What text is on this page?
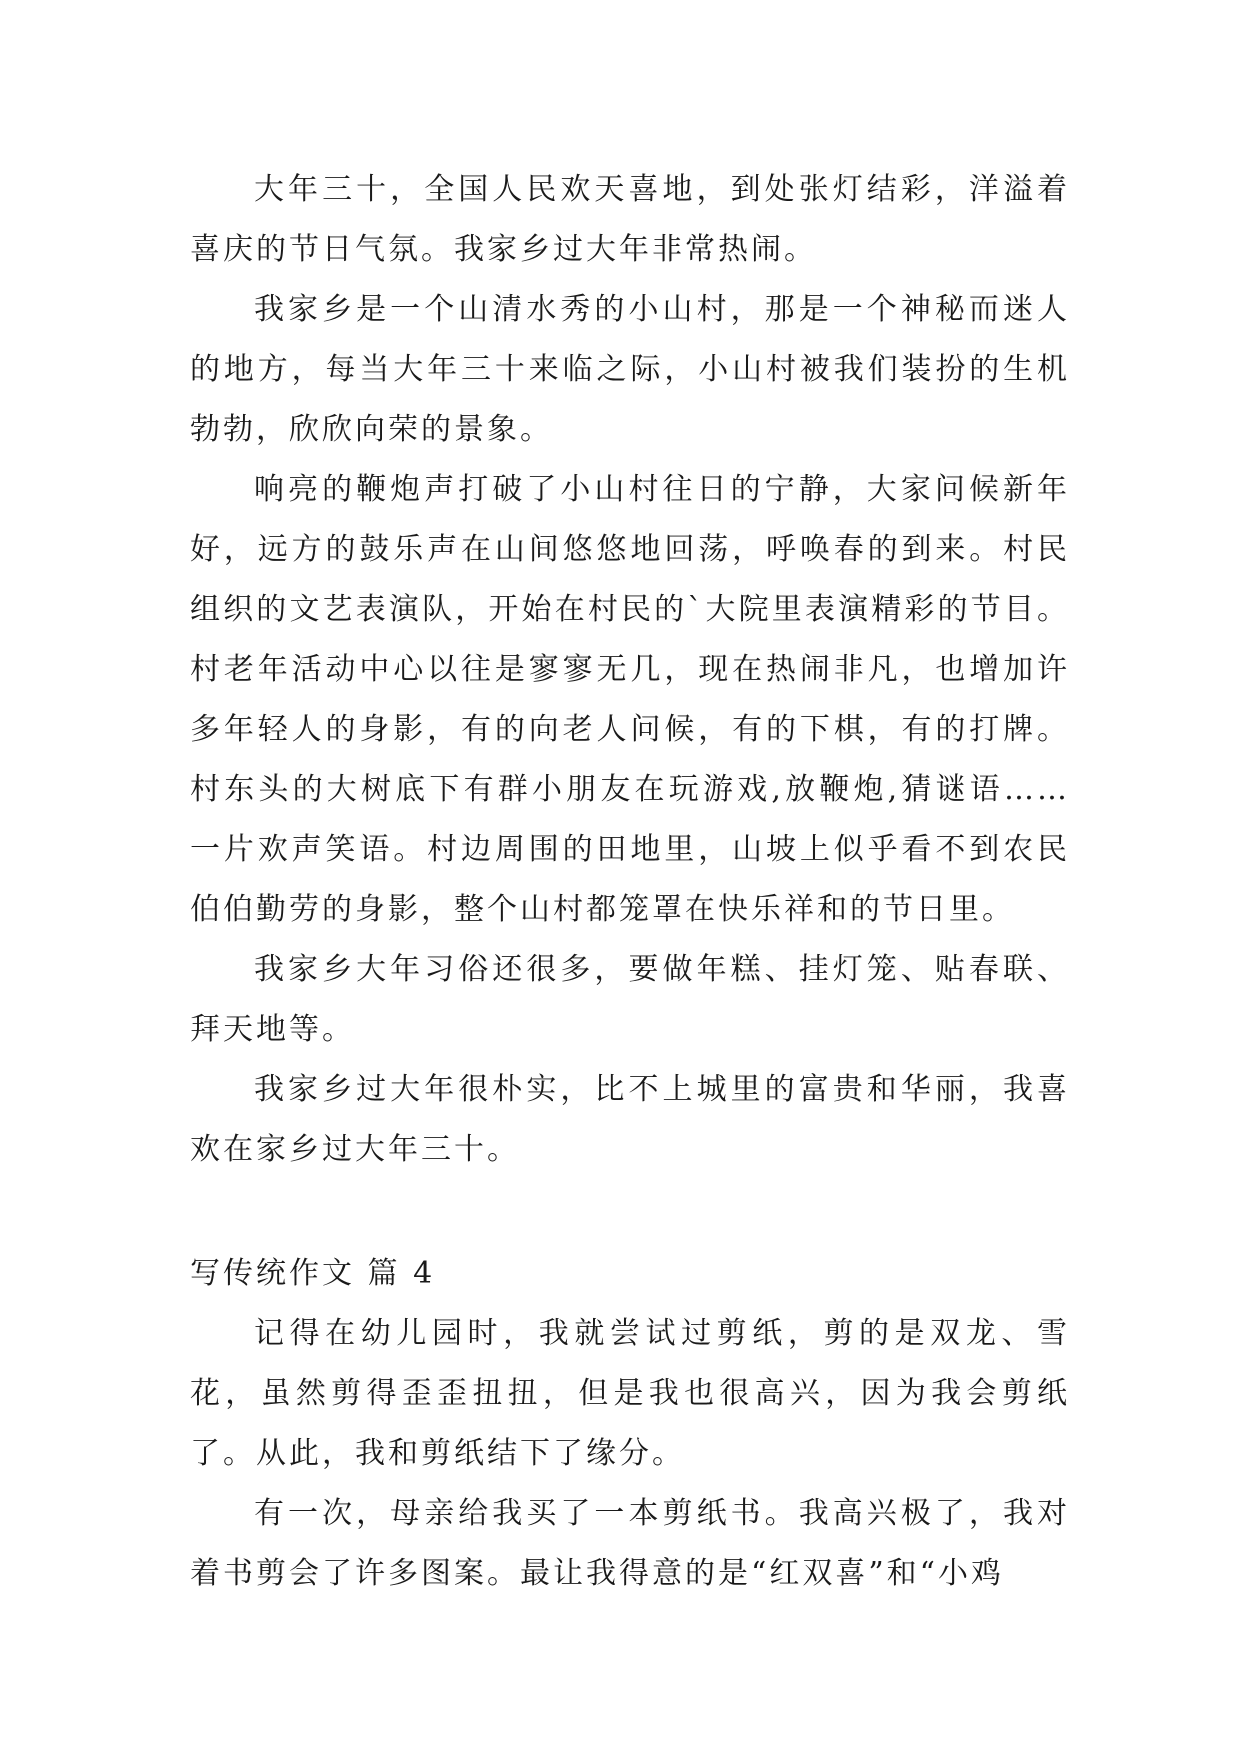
大年三十，全国人民欢天喜地，到处张灯结彩，洋溢着喜庆的节日气氛。我家乡过大年非常热闹。

我家乡是一个山清水秀的小山村，那是一个神秘而迷人的地方，每当大年三十来临之际，小山村被我们装扮的生机勃勃，欣欣向荣的景象。

响亮的鞭炮声打破了小山村往日的宁静，大家问候新年好，远方的鼓乐声在山间悠悠地回荡，呼唤春的到来。村民组织的文艺表演队，开始在村民的`大院里表演精彩的节目。村老年活动中心以往是寥寥无几，现在热闹非凡，也增加许多年轻人的身影，有的向老人问候，有的下棋，有的打牌。村东头的大树底下有群小朋友在玩游戏,放鞭炮,猜谜语……一片欢声笑语。村边周围的田地里，山坡上似乎看不到农民伯伯勤劳的身影，整个山村都笼罩在快乐祥和的节日里。

我家乡大年习俗还很多，要做年糕、挂灯笼、贴春联、拜天地等。

我家乡过大年很朴实，比不上城里的富贵和华丽，我喜欢在家乡过大年三十。

写传统作文 篇 4

记得在幼儿园时，我就尝试过剪纸，剪的是双龙、雪花，虽然剪得歪歪扭扭，但是我也很高兴，因为我会剪纸了。从此，我和剪纸结下了缘分。

有一次，母亲给我买了一本剪纸书。我高兴极了，我对着书剪会了许多图案。最让我得意的是“红双喜”和“小鸡
